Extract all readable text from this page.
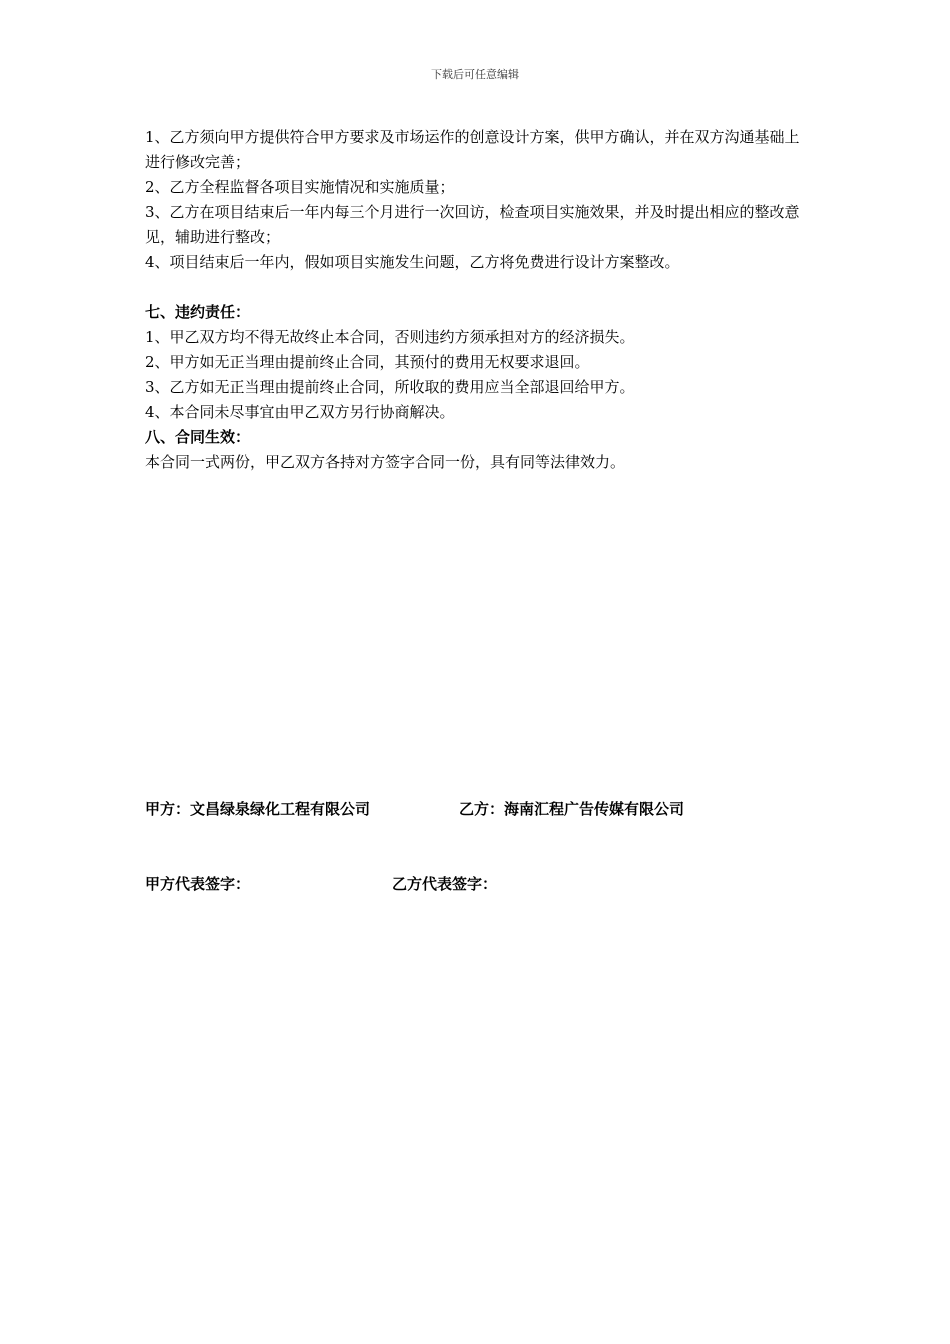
下载后可任意编辑

1、乙方须向甲方提供符合甲方要求及市场运作的创意设计方案，供甲方确认，并在双方沟通基础上进行修改完善；

2、乙方全程监督各项目实施情况和实施质量；

3、乙方在项目结束后一年内每三个月进行一次回访，检查项目实施效果，并及时提出相应的整改意见，辅助进行整改；

4、项目结束后一年内，假如项目实施发生问题，乙方将免费进行设计方案整改。

七、违约责任：

1、甲乙双方均不得无故终止本合同，否则违约方须承担对方的经济损失。

2、甲方如无正当理由提前终止合同，其预付的费用无权要求退回。

3、乙方如无正当理由提前终止合同，所收取的费用应当全部退回给甲方。

4、本合同未尽事宜由甲乙双方另行协商解决。

八、合同生效：

本合同一式两份，甲乙双方各持对方签字合同一份，具有同等法律效力。

甲方：文昌绿泉绿化工程有限公司	乙方：海南汇程广告传媒有限公司
甲方代表签字：	乙方代表签字：
